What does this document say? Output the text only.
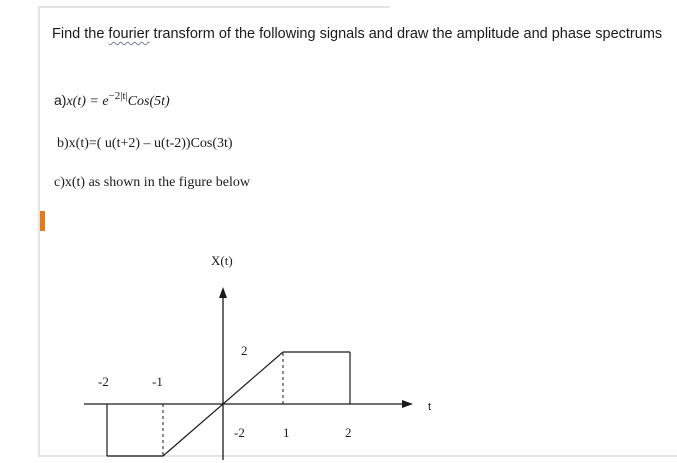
Find the fourier transform of the following signals and draw the amplitude and phase spectrums
$a)x(t) = e^{-2|t|}Cos(5t)$
b)x(t)=( u(t+2) – u(t-2))Cos(3t)
c)x(t) as shown in the figure below
X(t)
-2	-1
2
-2	1	2
t
